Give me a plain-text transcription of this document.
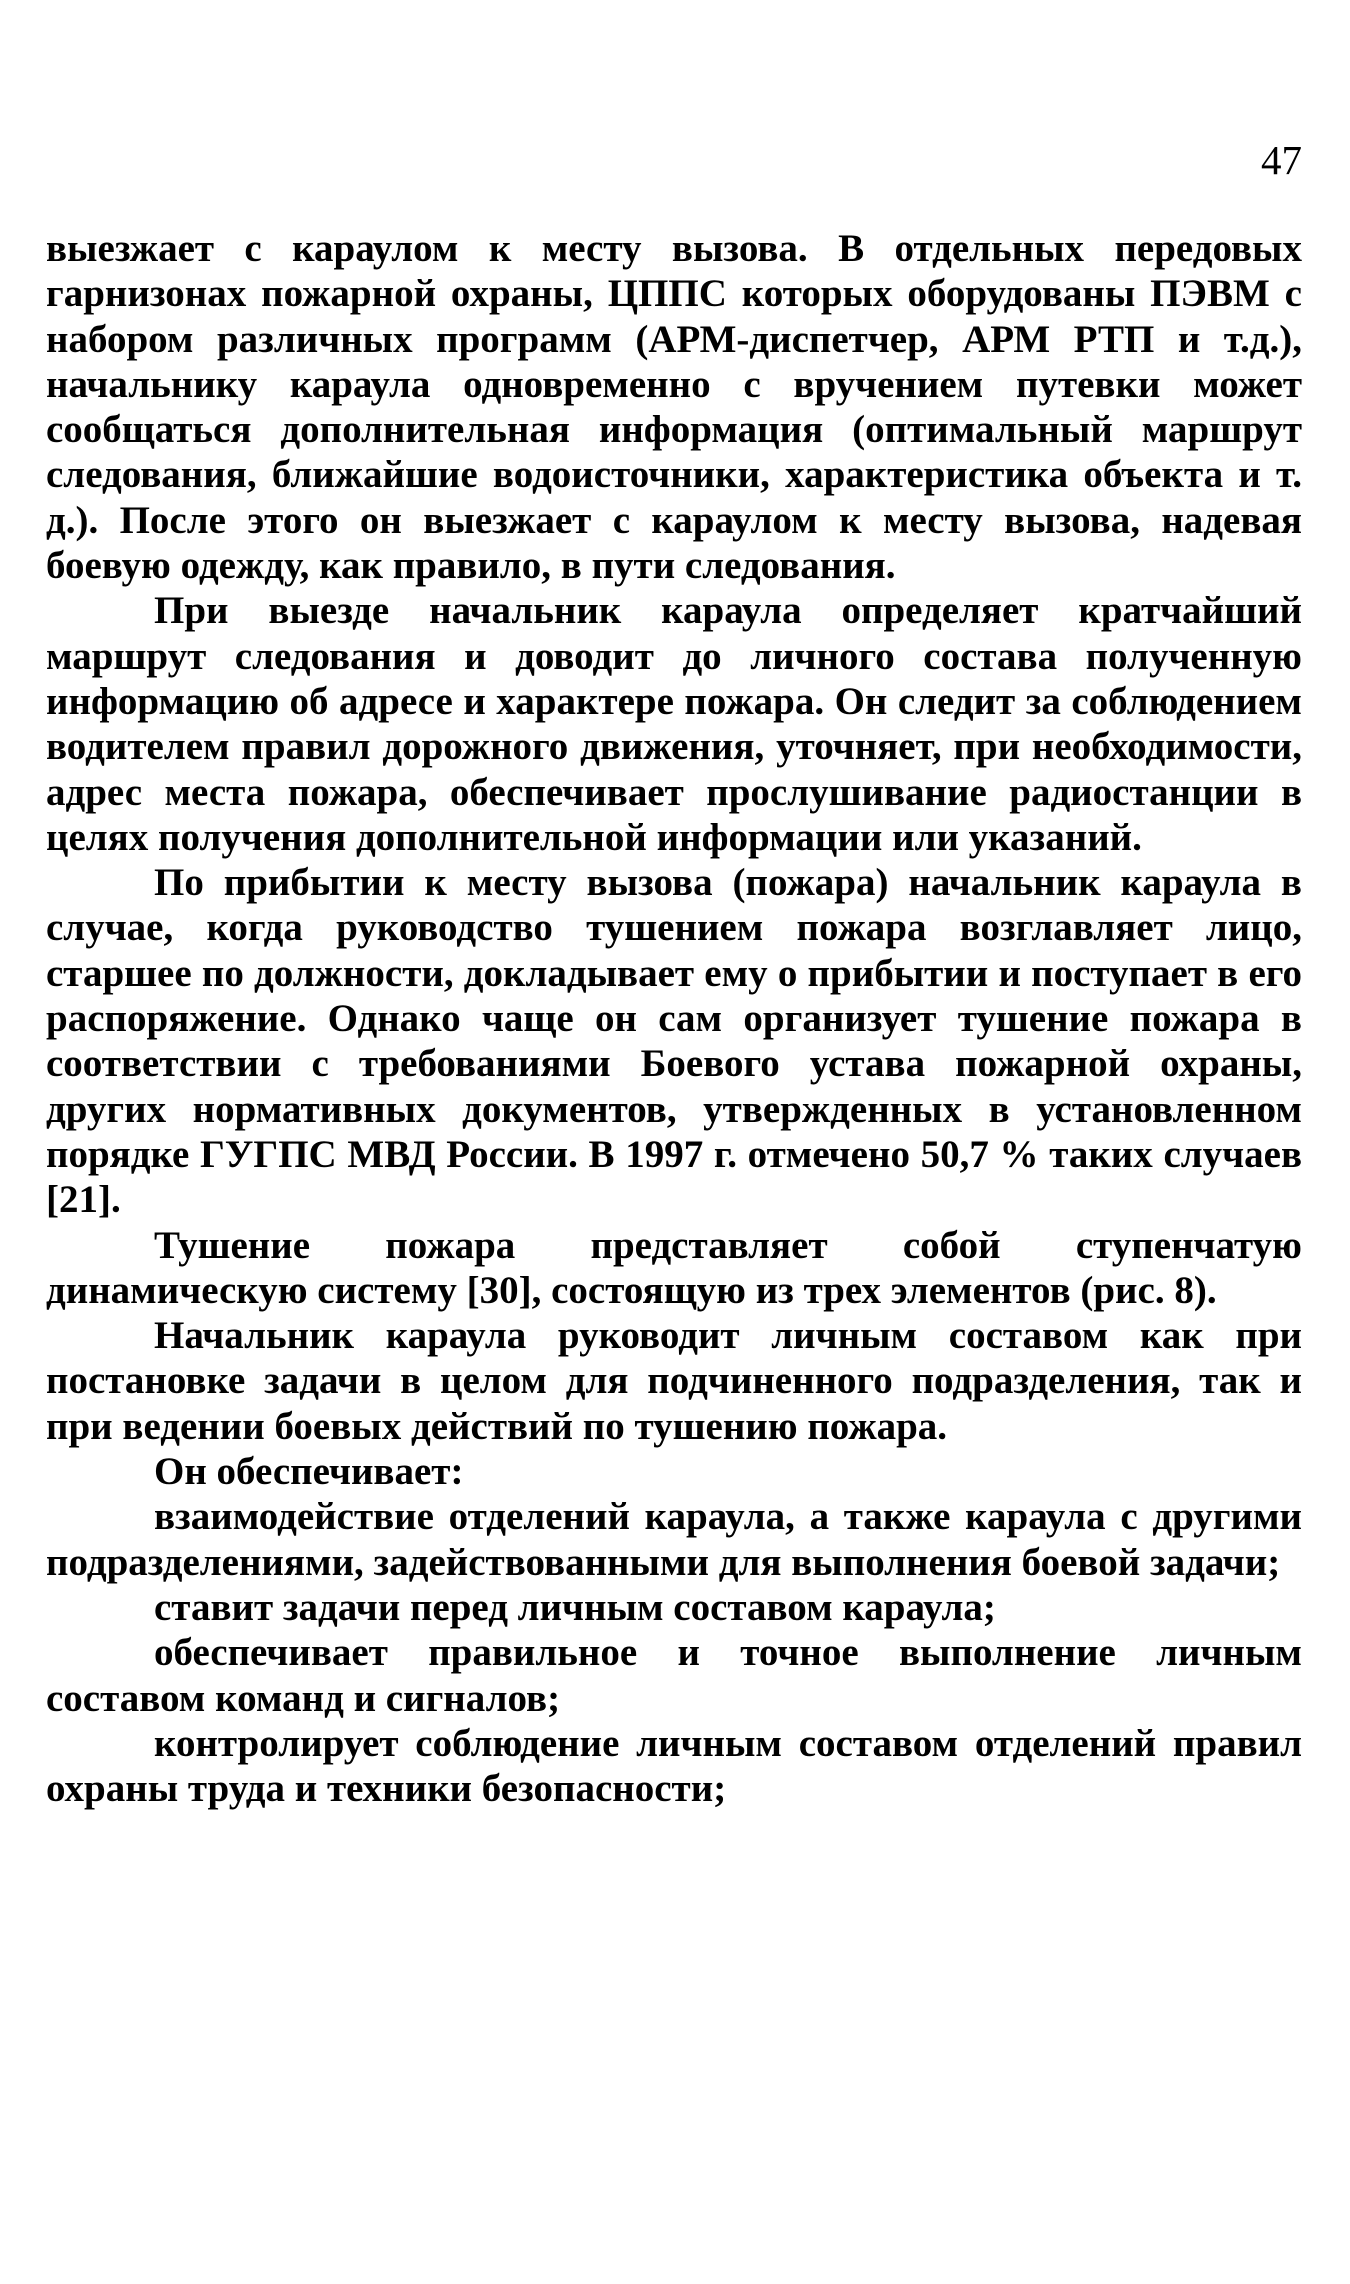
47

выезжает с караулом к месту вызова. В отдельных передовых гарнизонах пожарной охраны, ЦППС которых оборудованы ПЭВМ с набором различных программ (АРМ-диспетчер, АРМ РТП и т.д.), начальнику караула одновременно с вручением путевки может сообщаться дополнительная информация (оптимальный маршрут следования, ближайшие водоисточники, характеристика объекта и т. д.). После этого он выезжает с караулом к месту вызова, надевая боевую одежду, как правило, в пути следования.

При выезде начальник караула определяет кратчайший маршрут следования и доводит до личного состава полученную информацию об адресе и характере пожара. Он следит за соблюдением водителем правил дорожного движения, уточняет, при необходимости, адрес места пожара, обеспечивает прослушивание радиостанции в целях получения дополнительной информации или указаний.

По прибытии к месту вызова (пожара) начальник караула в случае, когда руководство тушением пожара возглавляет лицо, старшее по должности, докладывает ему о прибытии и поступает в его распоряжение. Однако чаще он сам организует тушение пожара в соответствии с требованиями Боевого устава пожарной охраны, других нормативных документов, утвержденных в установленном порядке ГУГПС МВД России. В 1997 г. отмечено 50,7 % таких случаев [21].

Тушение пожара представляет собой ступенчатую динамическую систему [30], состоящую из трех элементов (рис. 8).

Начальник караула руководит личным составом как при постановке задачи в целом для подчиненного подразделения, так и при ведении боевых действий по тушению пожара.

Он обеспечивает:

взаимодействие отделений караула, а также караула с другими подразделениями, задействованными для выполнения боевой задачи;

ставит задачи перед личным составом караула;

обеспечивает правильное и точное выполнение личным составом команд и сигналов;

контролирует соблюдение личным составом отделений правил охраны труда и техники безопасности;
